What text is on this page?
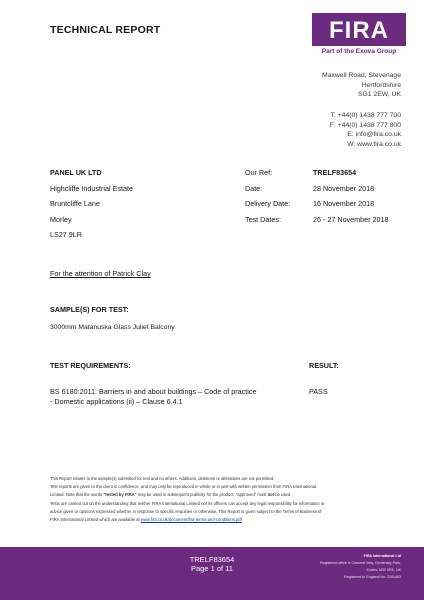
TECHNICAL REPORT	FIRA
Part of the Exova Group
Maxwell Road, Stevenage
Hertfordshire
SG1 2EW, UK
T: +44(0) 1438 777 700
F: +44(0) 1438 777 800
E: info@fira.co.uk
W: www.fira.co.uk
PANEL UK LTD
Highcliffe Industrial Estate
Bruntcliffe Lane
Morley
LS27 9LR
Our Ref:
Date:
Delivery Date:
Test Dates:
TRELF83654
28 November 2018
16 November 2018
26 - 27 November 2018
For the attention of Patrick Clay
SAMPLE(S) FOR TEST:
3000mm Matanuska Glass Juliet Balcony
TEST REQUIREMENTS:	RESULT:
BS 6180:2011: Barriers in and about buildings – Code of practice
- Domestic applications (ii) – Clause 6.4.1
PASS
This Report relates to the sample(s) submitted for test and no others. Additions, deletions or alterations are not permitted.
Test reports are given to the client in confidence, and may only be reproduced in whole or in part with written permission from FIRA International
Limited. Note that the words "tested by FIRA" may be used in subsequent publicity for the product; "approved" must not be used.
Tests are carried out on the understanding that neither FIRA International Limited nor its officers can accept any legal responsibility for information or
advice given or opinions expressed whether in response to specific enquiries or otherwise. This Report is given subject to the Terms of Business of
FIRA International Limited which are available at www.fira.co.uk/document/fira-terms-and-conditions.pdf
TRELF83654
Page 1 of 11
FIRA International Ltd
Registered office is Cornerst Way, Centenary Park,
Eccles, M30 0RE, UK
Registered in England No: 3181483
